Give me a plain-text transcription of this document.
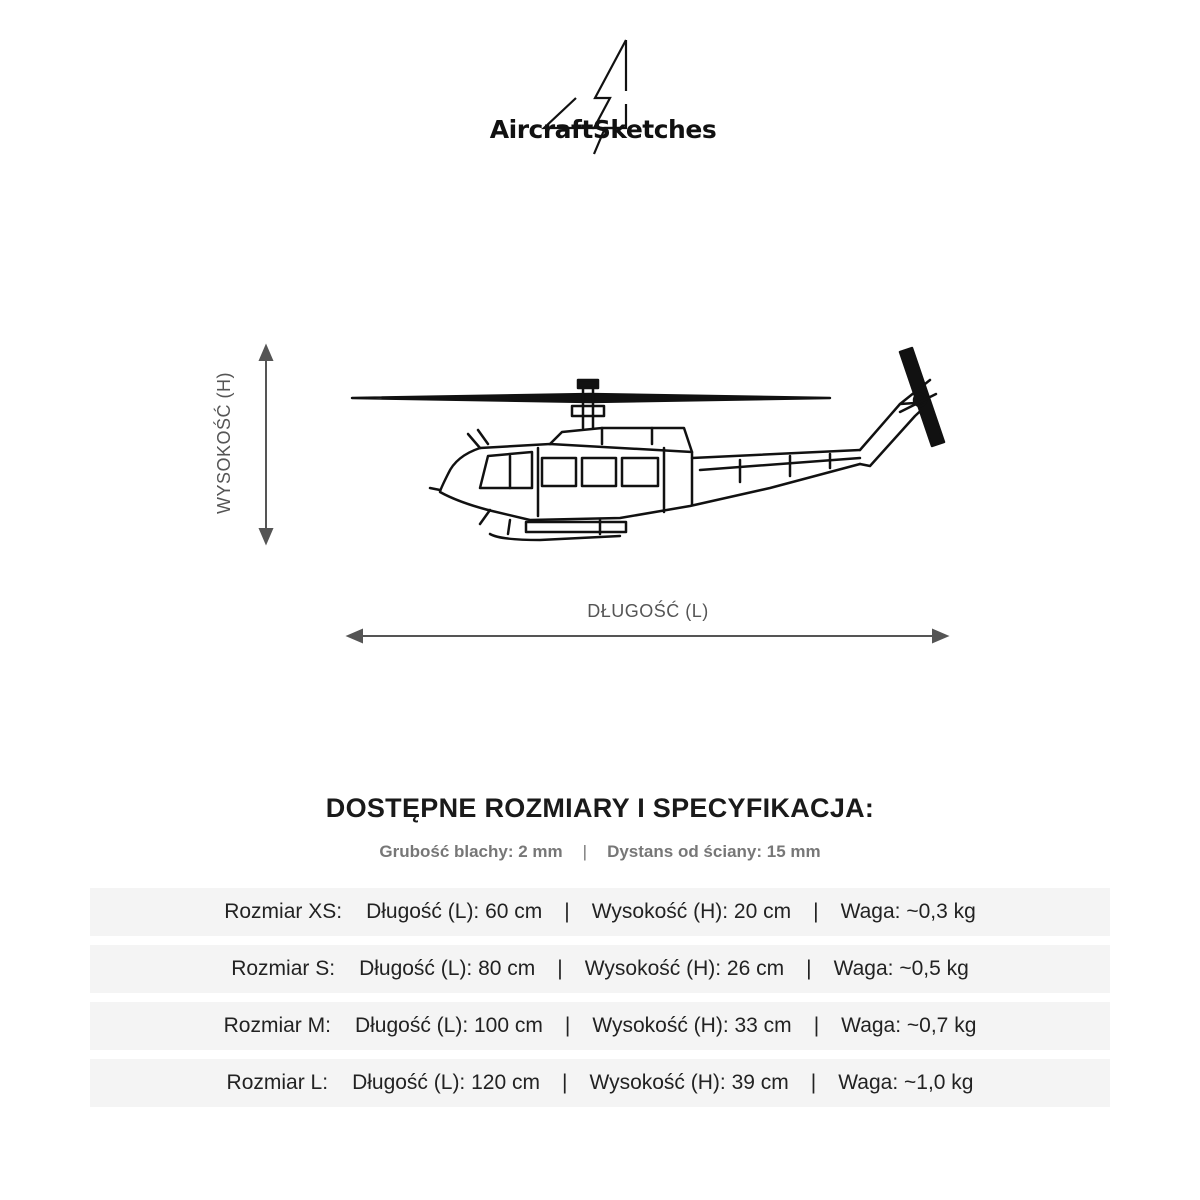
AircraftSketches
WYSOKOŚĆ (H)
DŁUGOŚĆ (L)
DOSTĘPNE ROZMIARY I SPECYFIKACJA:
Grubość blachy: 2 mm | Dystans od ściany: 15 mm
Rozmiar XS: Długość (L): 60 cm | Wysokość (H): 20 cm | Waga: ~0,3 kg
Rozmiar S: Długość (L): 80 cm | Wysokość (H): 26 cm | Waga: ~0,5 kg
Rozmiar M: Długość (L): 100 cm | Wysokość (H): 33 cm | Waga: ~0,7 kg
Rozmiar L: Długość (L): 120 cm | Wysokość (H): 39 cm | Waga: ~1,0 kg
